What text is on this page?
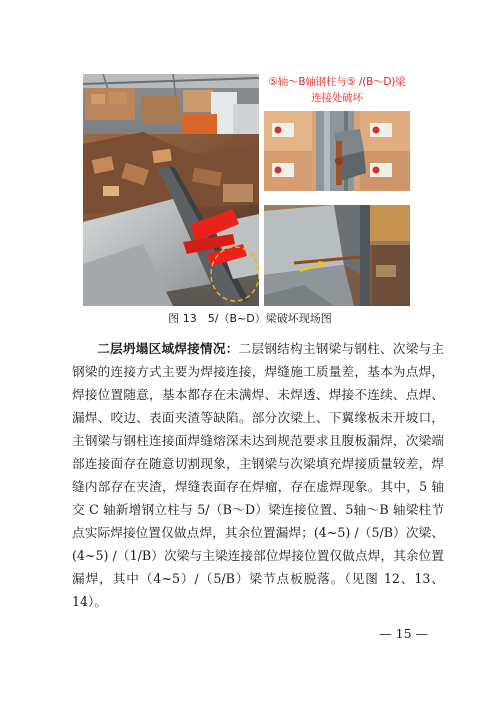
⑤轴～B轴钢柱与⑤ /(B～D)梁
连接处破坏
图 13　5/（B~D）梁破坏现场图

二层坍塌区域焊接情况：二层钢结构主钢梁与钢柱、次梁与主钢梁的连接方式主要为焊接连接，焊缝施工质量差，基本为点焊，焊接位置随意，基本都存在未满焊、未焊透、焊接不连续、点焊、漏焊、咬边、表面夹渣等缺陷。部分次梁上、下翼缘板未开坡口，主钢梁与钢柱连接面焊缝熔深未达到规范要求且腹板漏焊，次梁端部连接面存在随意切割现象，主钢梁与次梁填充焊接质量较差，焊缝内部存在夹渣，焊缝表面存在焊瘤，存在虚焊现象。其中，5 轴交 C 轴新增钢立柱与 5/（B～D）梁连接位置、5轴～B 轴梁柱节点实际焊接位置仅做点焊，其余位置漏焊；(4~5) /（5/B）次梁、(4~5) /（1/B）次梁与主梁连接部位焊接位置仅做点焊，其余位置漏焊，其中（4~5）/（5/B）梁节点板脱落。（见图 12、13、14）。

— 15 —
